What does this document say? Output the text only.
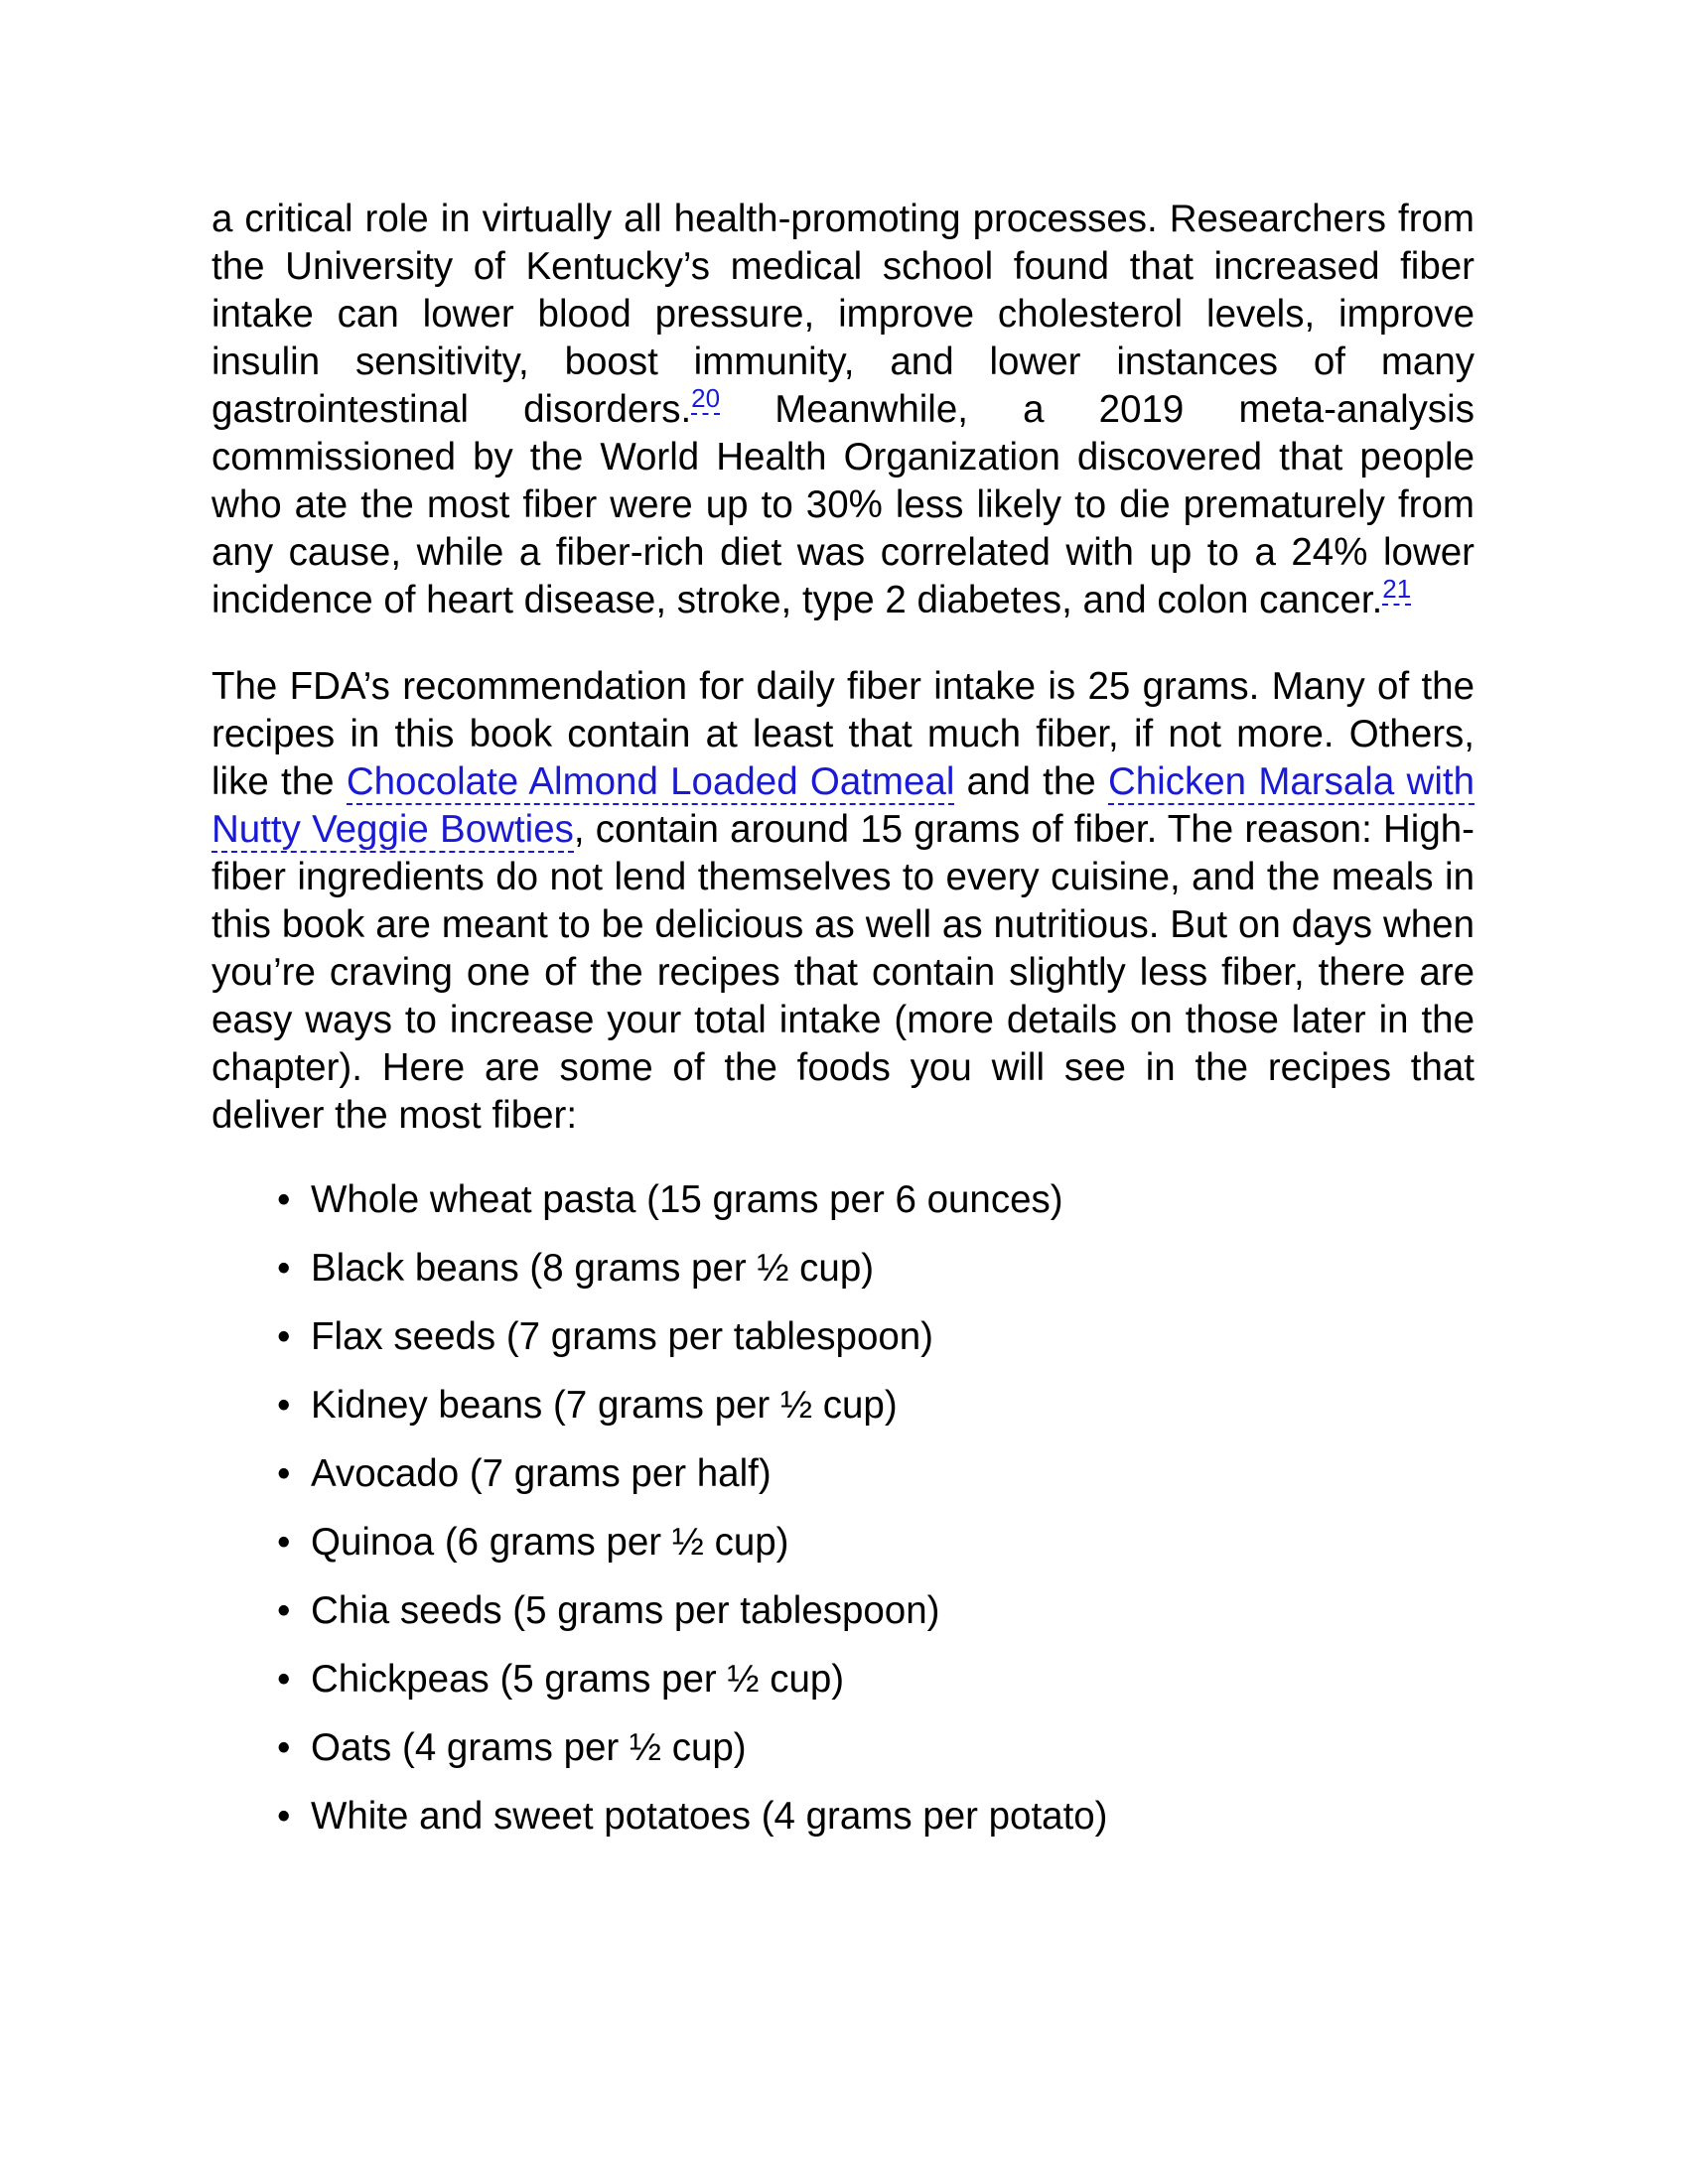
a critical role in virtually all health-promoting processes. Researchers from the University of Kentucky’s medical school found that increased fiber intake can lower blood pressure, improve cholesterol levels, improve insulin sensitivity, boost immunity, and lower instances of many gastrointestinal disorders.$^{20}$ Meanwhile, a 2019 meta-analysis commissioned by the World Health Organization discovered that people who ate the most fiber were up to 30% less likely to die prematurely from any cause, while a fiber-rich diet was correlated with up to a 24% lower incidence of heart disease, stroke, type 2 diabetes, and colon cancer.$^{21}$

The FDA’s recommendation for daily fiber intake is 25 grams. Many of the recipes in this book contain at least that much fiber, if not more. Others, like the Chocolate Almond Loaded Oatmeal and the Chicken Marsala with Nutty Veggie Bowties, contain around 15 grams of fiber. The reason: High-fiber ingredients do not lend themselves to every cuisine, and the meals in this book are meant to be delicious as well as nutritious. But on days when you’re craving one of the recipes that contain slightly less fiber, there are easy ways to increase your total intake (more details on those later in the chapter). Here are some of the foods you will see in the recipes that deliver the most fiber:

• Whole wheat pasta (15 grams per 6 ounces)
• Black beans (8 grams per ½ cup)
• Flax seeds (7 grams per tablespoon)
• Kidney beans (7 grams per ½ cup)
• Avocado (7 grams per half)
• Quinoa (6 grams per ½ cup)
• Chia seeds (5 grams per tablespoon)
• Chickpeas (5 grams per ½ cup)
• Oats (4 grams per ½ cup)
• White and sweet potatoes (4 grams per potato)
